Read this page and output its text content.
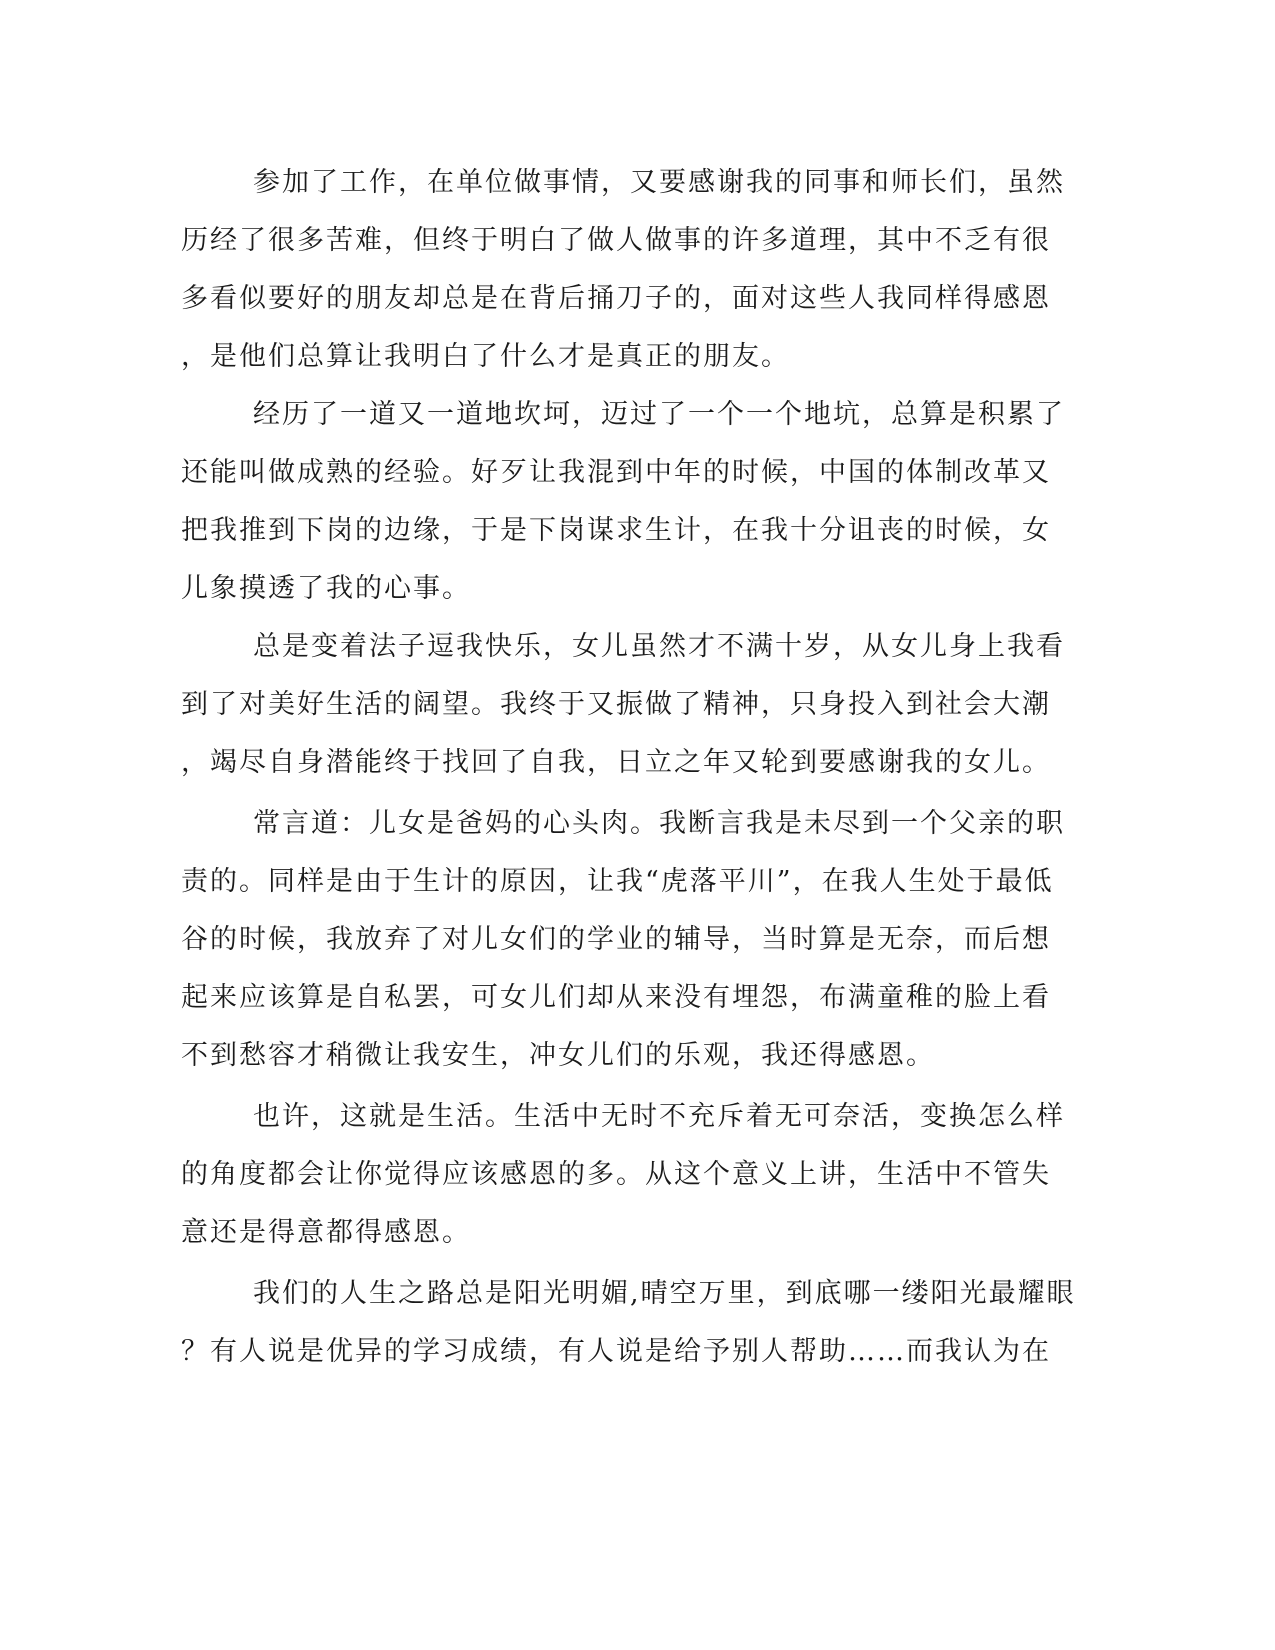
参加了工作，在单位做事情，又要感谢我的同事和师长们，虽然
历经了很多苦难，但终于明白了做人做事的许多道理，其中不乏有很
多看似要好的朋友却总是在背后捅刀子的，面对这些人我同样得感恩
，是他们总算让我明白了什么才是真正的朋友。
经历了一道又一道地坎坷，迈过了一个一个地坑，总算是积累了
还能叫做成熟的经验。好歹让我混到中年的时候，中国的体制改革又
把我推到下岗的边缘，于是下岗谋求生计，在我十分诅丧的时候，女
儿象摸透了我的心事。
总是变着法子逗我快乐，女儿虽然才不满十岁，从女儿身上我看
到了对美好生活的阔望。我终于又振做了精神，只身投入到社会大潮
，竭尽自身潜能终于找回了自我，日立之年又轮到要感谢我的女儿。
常言道：儿女是爸妈的心头肉。我断言我是未尽到一个父亲的职
责的。同样是由于生计的原因，让我“虎落平川”，在我人生处于最低
谷的时候，我放弃了对儿女们的学业的辅导，当时算是无奈，而后想
起来应该算是自私罢，可女儿们却从来没有埋怨，布满童稚的脸上看
不到愁容才稍微让我安生，冲女儿们的乐观，我还得感恩。
也许，这就是生活。生活中无时不充斥着无可奈活，变换怎么样
的角度都会让你觉得应该感恩的多。从这个意义上讲，生活中不管失
意还是得意都得感恩。
我们的人生之路总是阳光明媚,晴空万里，到底哪一缕阳光最耀眼
？有人说是优异的学习成绩，有人说是给予别人帮助……而我认为在
